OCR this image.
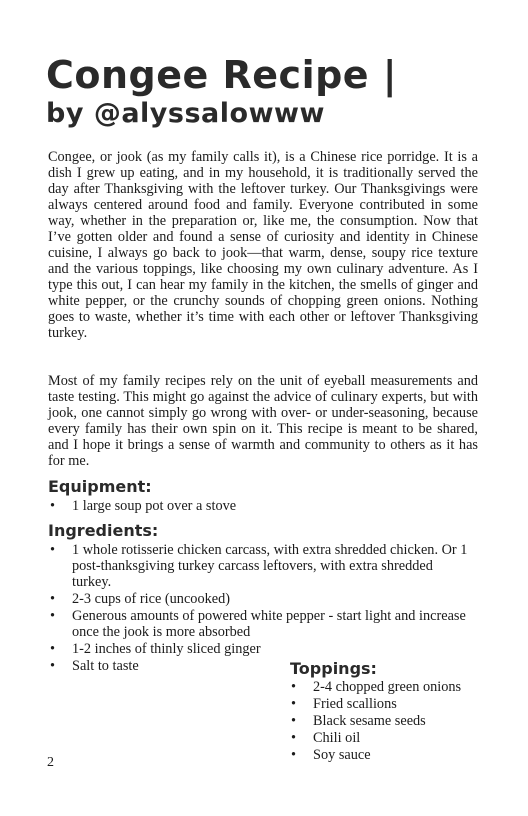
Congee Recipe |
by @alyssalowww

Congee, or jook (as my family calls it), is a Chinese rice porridge. It is a dish I grew up eating, and in my household, it is traditionally served the day after Thanksgiving with the leftover turkey. Our Thanksgivings were always centered around food and family. Everyone contributed in some way, whether in the preparation or, like me, the consumption. Now that I’ve gotten older and found a sense of curiosity and identity in Chinese cuisine, I always go back to jook—that warm, dense, soupy rice texture and the various toppings, like choosing my own culinary adventure. As I type this out, I can hear my family in the kitchen, the smells of ginger and white pepper, or the crunchy sounds of chopping green onions. Nothing goes to waste, whether it’s time with each other or leftover Thanksgiving turkey.

Most of my family recipes rely on the unit of eyeball measurements and taste testing. This might go against the advice of culinary experts, but with jook, one cannot simply go wrong with over- or under-seasoning, because every family has their own spin on it. This recipe is meant to be shared, and I hope it brings a sense of warmth and community to others as it has for me.

Equipment:
• 1 large soup pot over a stove
Ingredients:
• 1 whole rotisserie chicken carcass, with extra shredded chicken. Or 1 post-thanksgiving turkey carcass leftovers, with extra shredded turkey.
• 2-3 cups of rice (uncooked)
• Generous amounts of powered white pepper - start light and increase once the jook is more absorbed
• 1-2 inches of thinly sliced ginger
• Salt to taste	Toppings:
• 2-4 chopped green onions
• Fried scallions
• Black sesame seeds
• Chili oil
• Soy sauce
2
